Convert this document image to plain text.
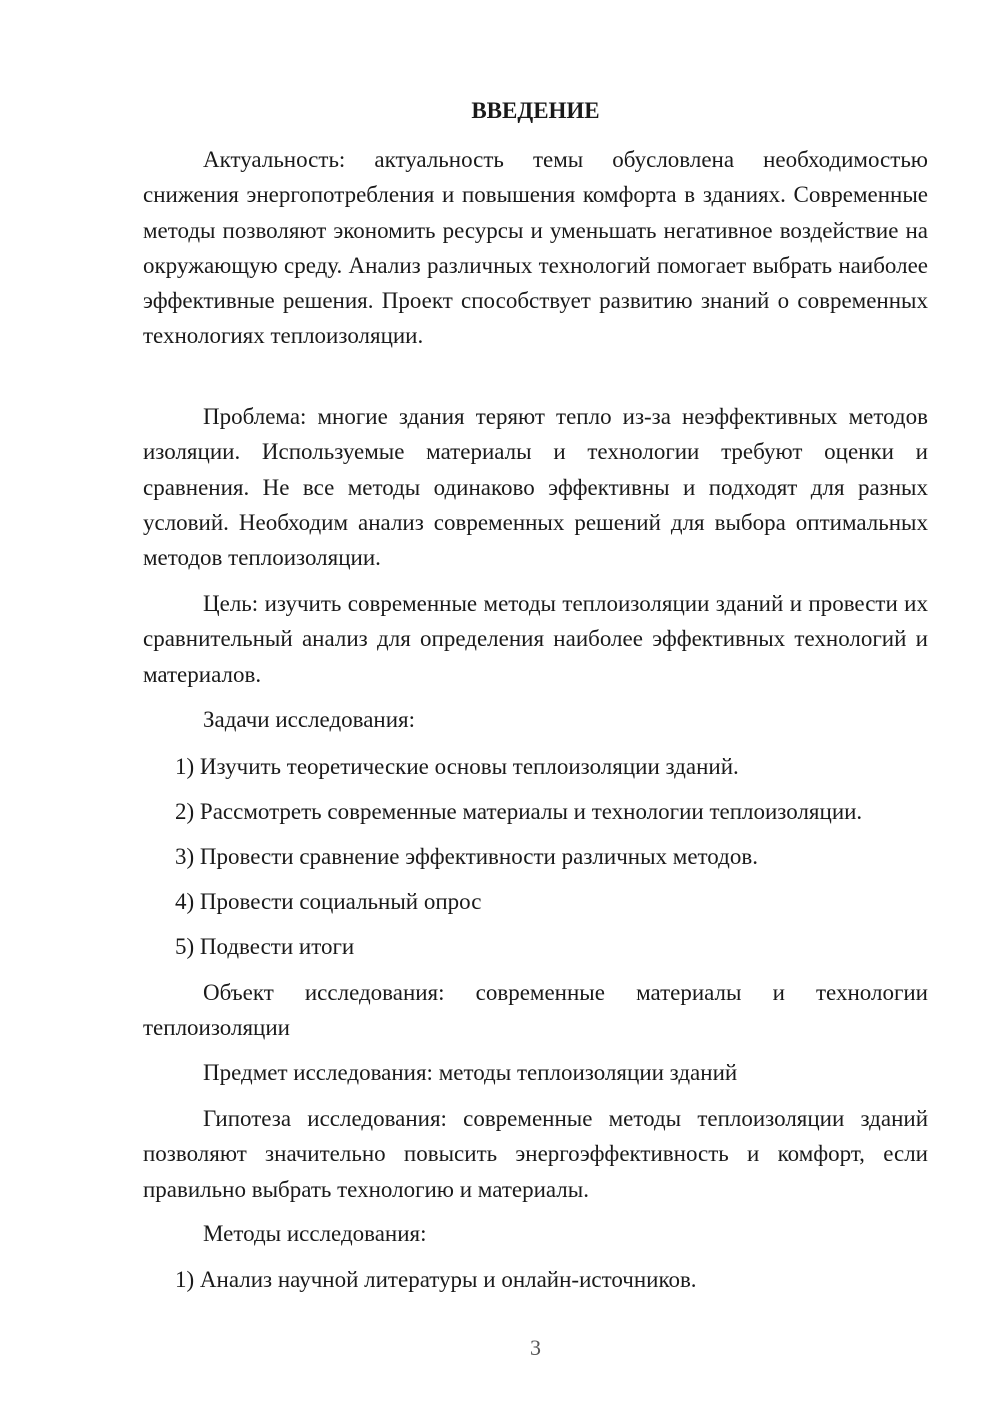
ВВЕДЕНИЕ

Актуальность: актуальность темы обусловлена необходимостью снижения энергопотребления и повышения комфорта в зданиях. Современные методы позволяют экономить ресурсы и уменьшать негативное воздействие на окружающую среду. Анализ различных технологий помогает выбрать наиболее эффективные решения. Проект способствует развитию знаний о современных технологиях теплоизоляции.

Проблема: многие здания теряют тепло из-за неэффективных методов изоляции. Используемые материалы и технологии требуют оценки и сравнения. Не все методы одинаково эффективны и подходят для разных условий. Необходим анализ современных решений для выбора оптимальных методов теплоизоляции.

Цель: изучить современные методы теплоизоляции зданий и провести их сравнительный анализ для определения наиболее эффективных технологий и материалов.

Задачи исследования:

1) Изучить теоретические основы теплоизоляции зданий.

2) Рассмотреть современные материалы и технологии теплоизоляции.

3) Провести сравнение эффективности различных методов.

4) Провести социальный опрос

5) Подвести итоги

Объект исследования: современные материалы и технологии теплоизоляции

Предмет исследования: методы теплоизоляции зданий

Гипотеза исследования: современные методы теплоизоляции зданий позволяют значительно повысить энергоэффективность и комфорт, если правильно выбрать технологию и материалы.

Методы исследования:

1) Анализ научной литературы и онлайн-источников.

3
